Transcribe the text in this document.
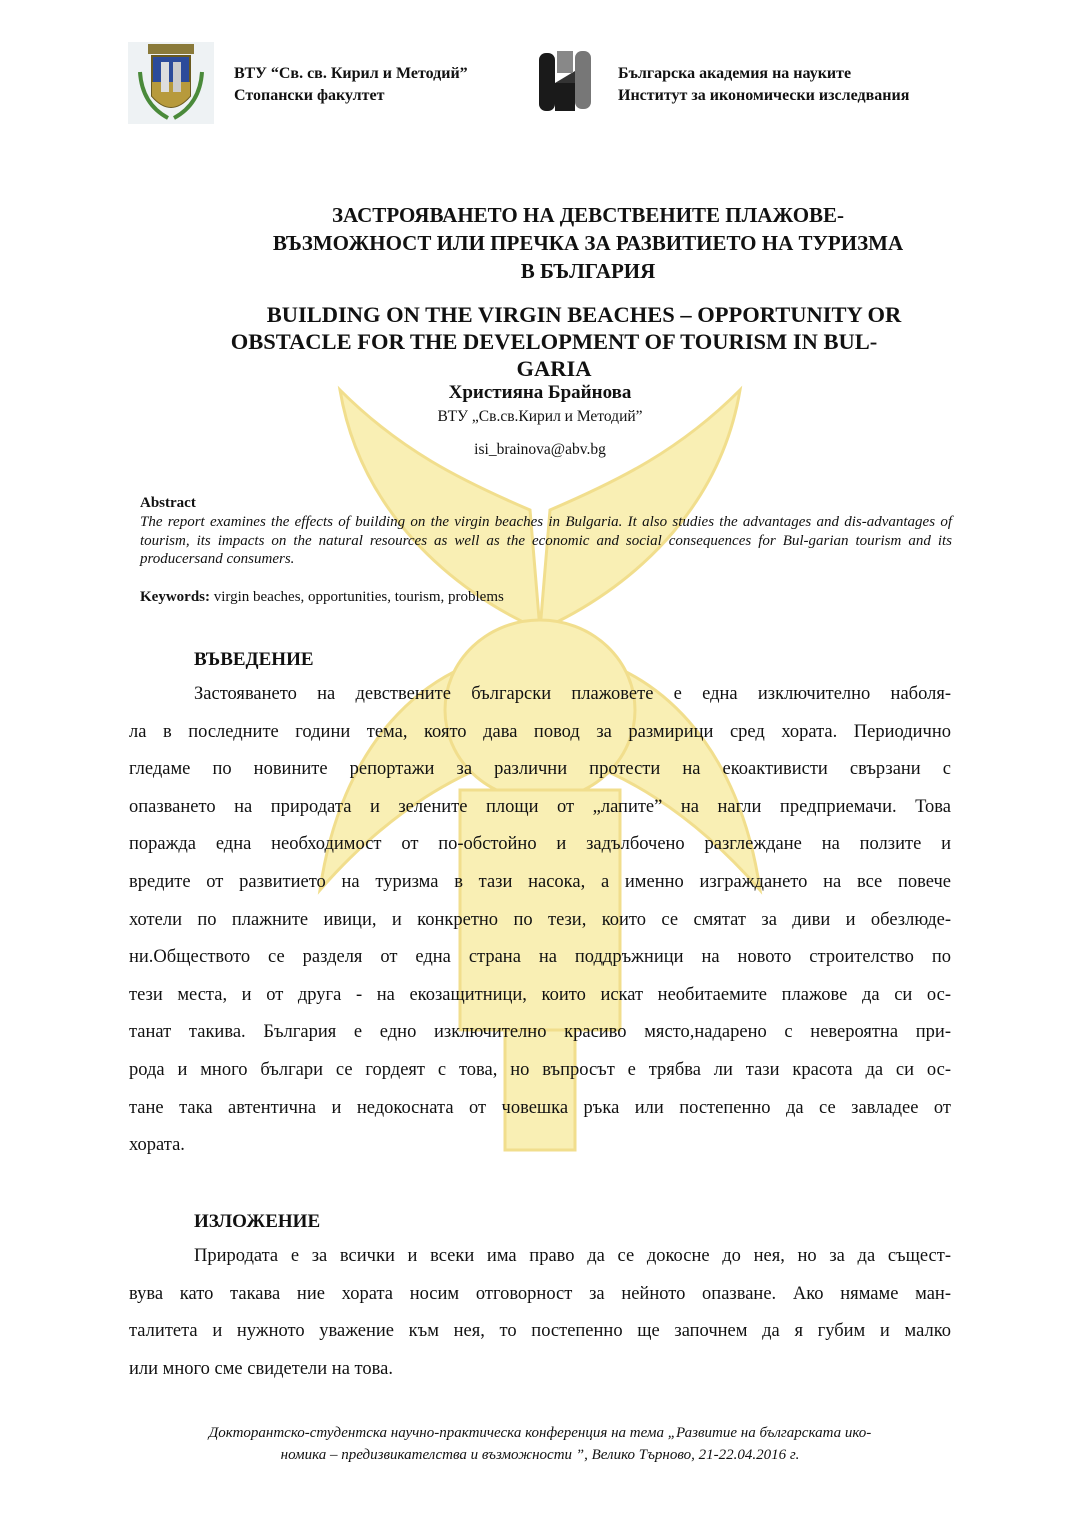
ВТУ “Св. св. Кирил и Методий”
Стопански факултет
Българска академия на науките
Институт за икономически изследвания
ЗАСТРОЯВАНЕТО НА ДЕВСТВЕНИТЕ ПЛАЖОВЕ-
ВЪЗМОЖНОСТ ИЛИ ПРЕЧКА ЗА РАЗВИТИЕТО НА ТУРИЗМА
В БЪЛГАРИЯ
BUILDING ON THE VIRGIN BEACHES – OPPORTUNITY OR
OBSTACLE FOR THE DEVELOPMENT OF TOURISM IN BUL-
GARIA
Християна Брайнова
ВТУ „Св.св.Кирил и Методий”
isi_brainova@abv.bg
Abstract
The report examines the effects of building on the virgin beaches in Bulgaria. It also studies the advantages and dis-advantages of tourism, its impacts on the natural resources as well as the economic and social consequences for Bul-garian tourism and its producersand consumers.
Keywords: virgin beaches, opportunities, tourism, problems
ВЪВЕДЕНИЕ
Застояването на девствените български плажовете е една изключително наболя-
ла в последните години тема, която дава повод за размирици сред хората. Периодично
гледаме по новините репортажи за различни протести на екоактивисти свързани с
опазването на природата и зелените площи от „лапите” на нагли предприемачи. Това
поражда една необходимост от по-обстойно и задълбочено разглеждане на ползите и
вредите от развитието на туризма в тази насока, а именно изграждането на все повече
хотели по плажните ивици, и конкретно по тези, които се смятат за диви и обезлюде-
ни.Обществото се разделя от една страна на поддръжници на новото строителство по
тези места, и от друга - на екозащитници, които искат необитаемите плажове да си ос-
танат такива. България е едно изключително красиво място,надарено с невероятна при-
рода и много българи се гордеят с това, но въпросът е трябва ли тази красота да си ос-
тане така автентична и недокосната от човешка ръка или постепенно да се завладее от
хората.
ИЗЛОЖЕНИЕ
Природата е за всички и всеки има право да се докосне до нея, но за да същест-
вува като такава ние хората носим отговорност за нейното опазване. Ако нямаме ман-
талитета и нужното уважение към нея, то постепенно ще започнем да я губим и малко
или много сме свидетели на това.
Докторантско-студентска научно-практическа конференция на тема „Развитие на българската ико-
номика – предизвикателства и възможности ”, Велико Търново, 21-22.04.2016 г.
